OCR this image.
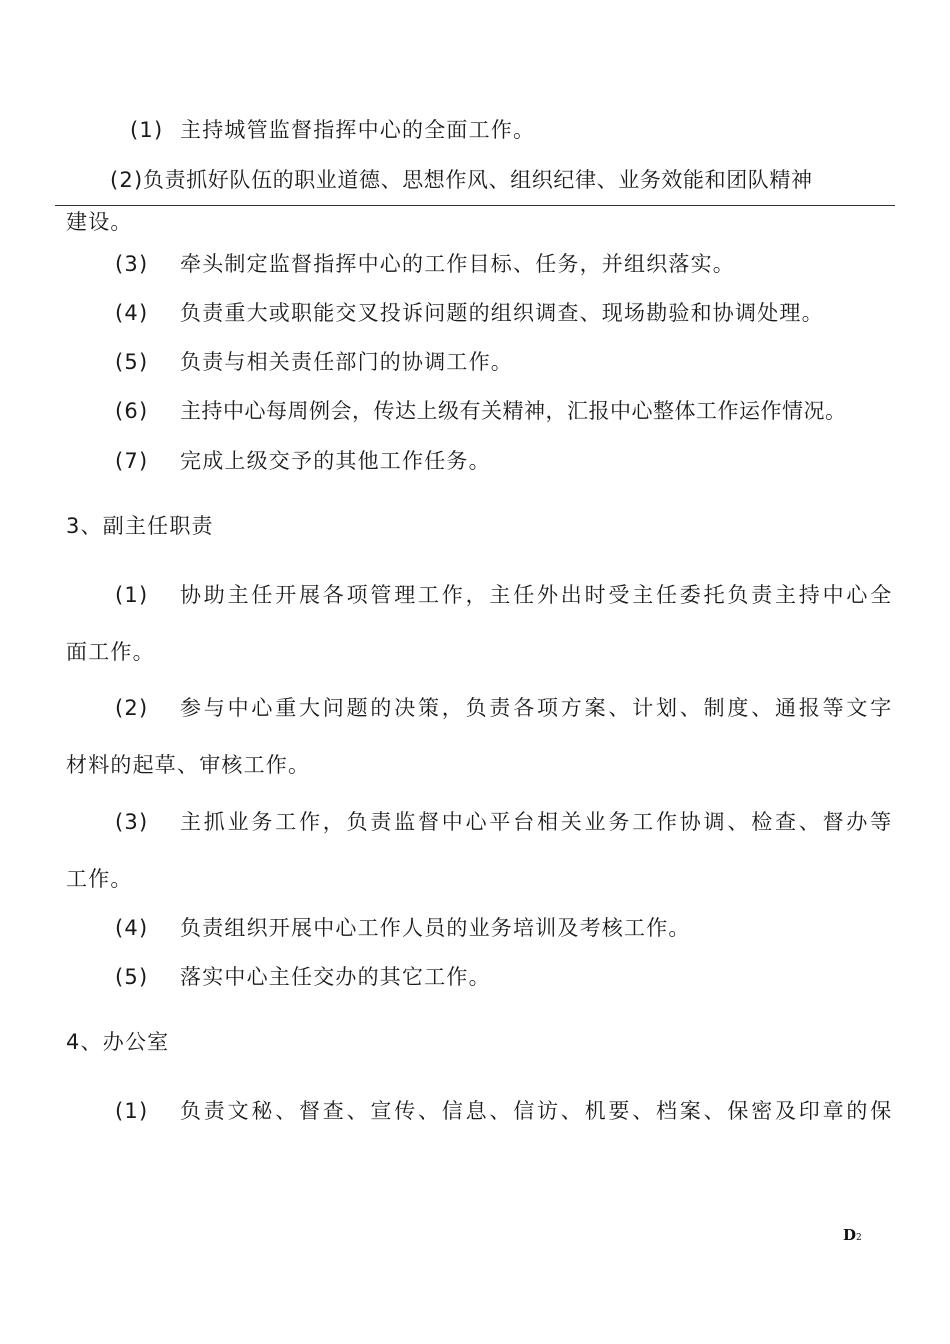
(1) 主持城管监督指挥中心的全面工作。
(2) 负责抓好队伍的职业道德、思想作风、组织纪律、业务效能和团队精神
建设。
(3) 牵头制定监督指挥中心的工作目标、任务，并组织落实。
(4) 负责重大或职能交叉投诉问题的组织调查、现场勘验和协调处理。
(5) 负责与相关责任部门的协调工作。
(6) 主持中心每周例会，传达上级有关精神，汇报中心整体工作运作情况。
(7) 完成上级交予的其他工作任务。
3、副主任职责
(1) 协助主任开展各项管理工作，主任外出时受主任委托负责主持中心全
面工作。
(2) 参与中心重大问题的决策，负责各项方案、计划、制度、通报等文字
材料的起草、审核工作。
(3) 主抓业务工作，负责监督中心平台相关业务工作协调、检查、督办等
工作。
(4) 负责组织开展中心工作人员的业务培训及考核工作。
(5) 落实中心主任交办的其它工作。
4、办公室
(1) 负责文秘、督查、宣传、信息、信访、机要、档案、保密及印章的保
D2
